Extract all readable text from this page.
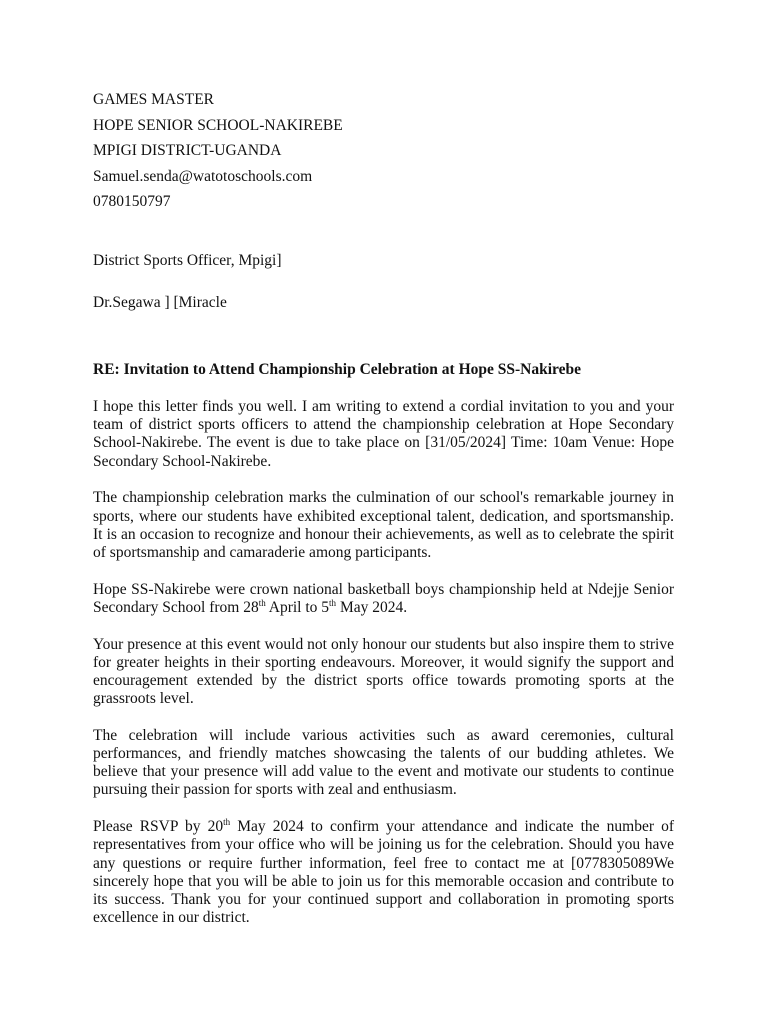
GAMES MASTER
HOPE SENIOR SCHOOL-NAKIREBE
MPIGI DISTRICT-UGANDA
Samuel.senda@watotoschools.com
0780150797
District Sports Officer, Mpigi]
Dr.Segawa ] [Miracle
RE: Invitation to Attend Championship Celebration at Hope SS-Nakirebe

I hope this letter finds you well. I am writing to extend a cordial invitation to you and your team of district sports officers to attend the championship celebration at Hope Secondary School-Nakirebe. The event is due to take place on [31/05/2024] Time: 10am Venue: Hope Secondary School-Nakirebe.

The championship celebration marks the culmination of our school's remarkable journey in sports, where our students have exhibited exceptional talent, dedication, and sportsmanship. It is an occasion to recognize and honour their achievements, as well as to celebrate the spirit of sportsmanship and camaraderie among participants.

Hope SS-Nakirebe were crown national basketball boys championship held at Ndejje Senior Secondary School from 28th April to 5th May 2024.

Your presence at this event would not only honour our students but also inspire them to strive for greater heights in their sporting endeavours. Moreover, it would signify the support and encouragement extended by the district sports office towards promoting sports at the grassroots level.

The celebration will include various activities such as award ceremonies, cultural performances, and friendly matches showcasing the talents of our budding athletes. We believe that your presence will add value to the event and motivate our students to continue pursuing their passion for sports with zeal and enthusiasm.

Please RSVP by 20th May 2024 to confirm your attendance and indicate the number of representatives from your office who will be joining us for the celebration. Should you have any questions or require further information, feel free to contact me at [0778305089We sincerely hope that you will be able to join us for this memorable occasion and contribute to its success. Thank you for your continued support and collaboration in promoting sports excellence in our district.
